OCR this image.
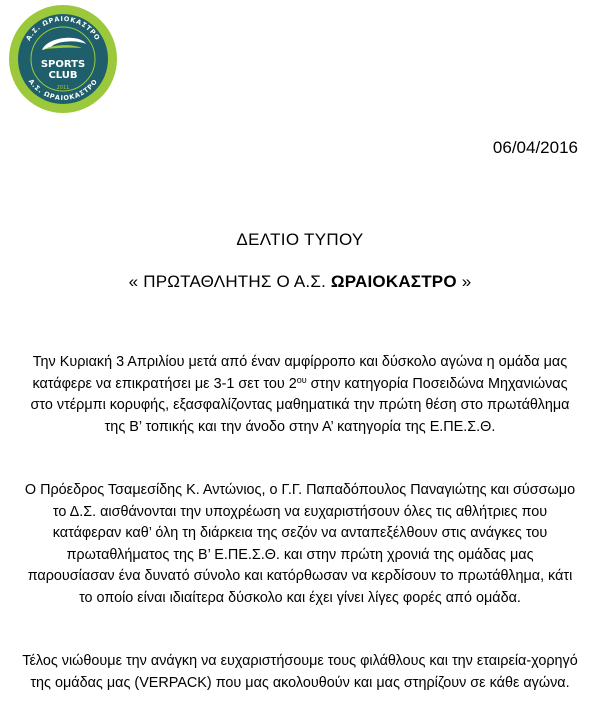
Α.Σ. ΩΡΑΙΟΚΑΣΤΡΟ
Α.Σ. ΩΡΑΙΟΚΑΣΤΡΟ
SPORTS
CLUB
2011
06/04/2016
ΔΕΛΤΙΟ ΤΥΠΟΥ
« ΠΡΩΤΑΘΛΗΤΗΣ Ο Α.Σ. ΩΡΑΙΟΚΑΣΤΡΟ »
Την Κυριακή 3 Απριλίου μετά από έναν αμφίρροπο και δύσκολο αγώνα η ομάδα μας κατάφερε να επικρατήσει με 3-1 σετ του $2^{o\upsilon}$ στην κατηγορία Ποσειδώνα Μηχανιώνας στο ντέρμπι κορυφής, εξασφαλίζοντας μαθηματικά την πρώτη θέση στο πρωτάθλημα της Β’ τοπικής και την άνοδο στην Α’ κατηγορία της Ε.ΠΕ.Σ.Θ.
Ο Πρόεδρος Τσαμεσίδης Κ. Αντώνιος, ο Γ.Γ. Παπαδόπουλος Παναγιώτης και σύσσωμο το Δ.Σ. αισθάνονται την υποχρέωση να ευχαριστήσουν όλες τις αθλήτριες που κατάφεραν καθ’ όλη τη διάρκεια της σεζόν να ανταπεξέλθουν στις ανάγκες του πρωταθλήματος της Β’ Ε.ΠΕ.Σ.Θ. και στην πρώτη χρονιά της ομάδας μας παρουσίασαν ένα δυνατό σύνολο και κατόρθωσαν να κερδίσουν το πρωτάθλημα, κάτι το οποίο είναι ιδιαίτερα δύσκολο και έχει γίνει λίγες φορές από ομάδα.
Τέλος νιώθουμε την ανάγκη να ευχαριστήσουμε τους φιλάθλους και την εταιρεία-χορηγό της ομάδας μας (VERPACK) που μας ακολουθούν και μας στηρίζουν σε κάθε αγώνα.
